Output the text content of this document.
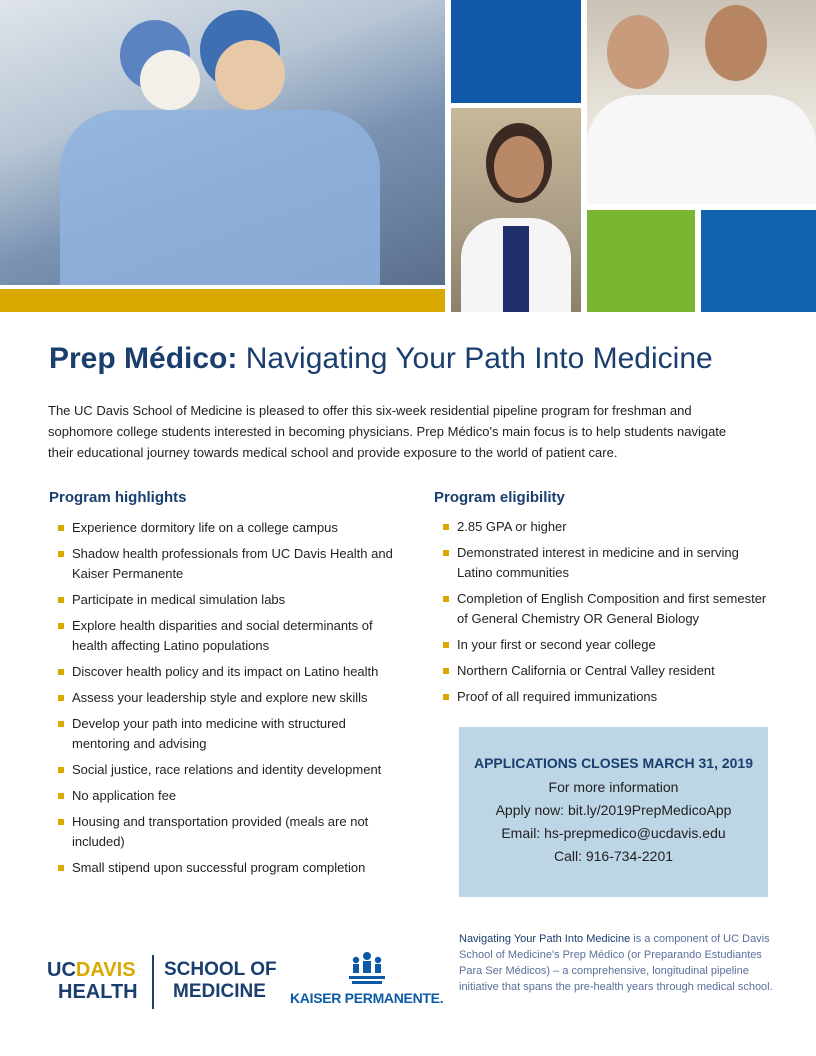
Prep Médico: Navigating Your Path Into Medicine
The UC Davis School of Medicine is pleased to offer this six-week residential pipeline program for freshman and sophomore college students interested in becoming physicians. Prep Médico's main focus is to help students navigate their educational journey towards medical school and provide exposure to the world of patient care.
Program highlights
Experience dormitory life on a college campus
Shadow health professionals from UC Davis Health and Kaiser Permanente
Participate in medical simulation labs
Explore health disparities and social determinants of health affecting Latino populations
Discover health policy and its impact on Latino health
Assess your leadership style and explore new skills
Develop your path into medicine with structured mentoring and advising
Social justice, race relations and identity development
No application fee
Housing and transportation provided (meals are not included)
Small stipend upon successful program completion
Program eligibility
2.85 GPA or higher
Demonstrated interest in medicine and in serving Latino communities
Completion of English Composition and first semester of General Chemistry OR General Biology
In your first or second year college
Northern California or Central Valley resident
Proof of all required immunizations
APPLICATIONS CLOSES MARCH 31, 2019
For more information
Apply now: bit.ly/2019PrepMedicoApp
Email: hs-prepmedico@ucdavis.edu
Call: 916-734-2201
UCDAVIS
HEALTH
SCHOOL OF
MEDICINE KAISER PERMANENTE.
Navigating Your Path Into Medicine is a component of UC Davis School of Medicine's Prep Médico (or Preparando Estudiantes Para Ser Médicos) – a comprehensive, longitudinal pipeline initiative that spans the pre-health years through medical school.
